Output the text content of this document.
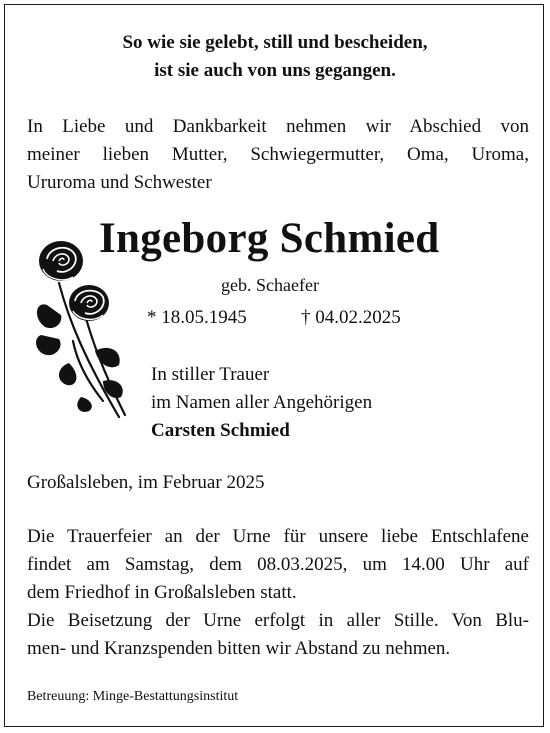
So wie sie gelebt, still und bescheiden,
ist sie auch von uns gegangen.
In Liebe und Dankbarkeit nehmen wir Abschied von
meiner lieben Mutter, Schwiegermutter, Oma, Uroma,
Ururoma und Schwester
Ingeborg Schmied
geb. Schaefer
* 18.05.1945	† 04.02.2025
In stiller Trauer
im Namen aller Angehörigen
Carsten Schmied
Großalsleben, im Februar 2025
Die Trauerfeier an der Urne für unsere liebe Entschlafene
findet am Samstag, dem 08.03.2025, um 14.00 Uhr auf
dem Friedhof in Großalsleben statt.
Die Beisetzung der Urne erfolgt in aller Stille. Von Blu-
men- und Kranzspenden bitten wir Abstand zu nehmen.
Betreuung: Minge-Bestattungsinstitut
